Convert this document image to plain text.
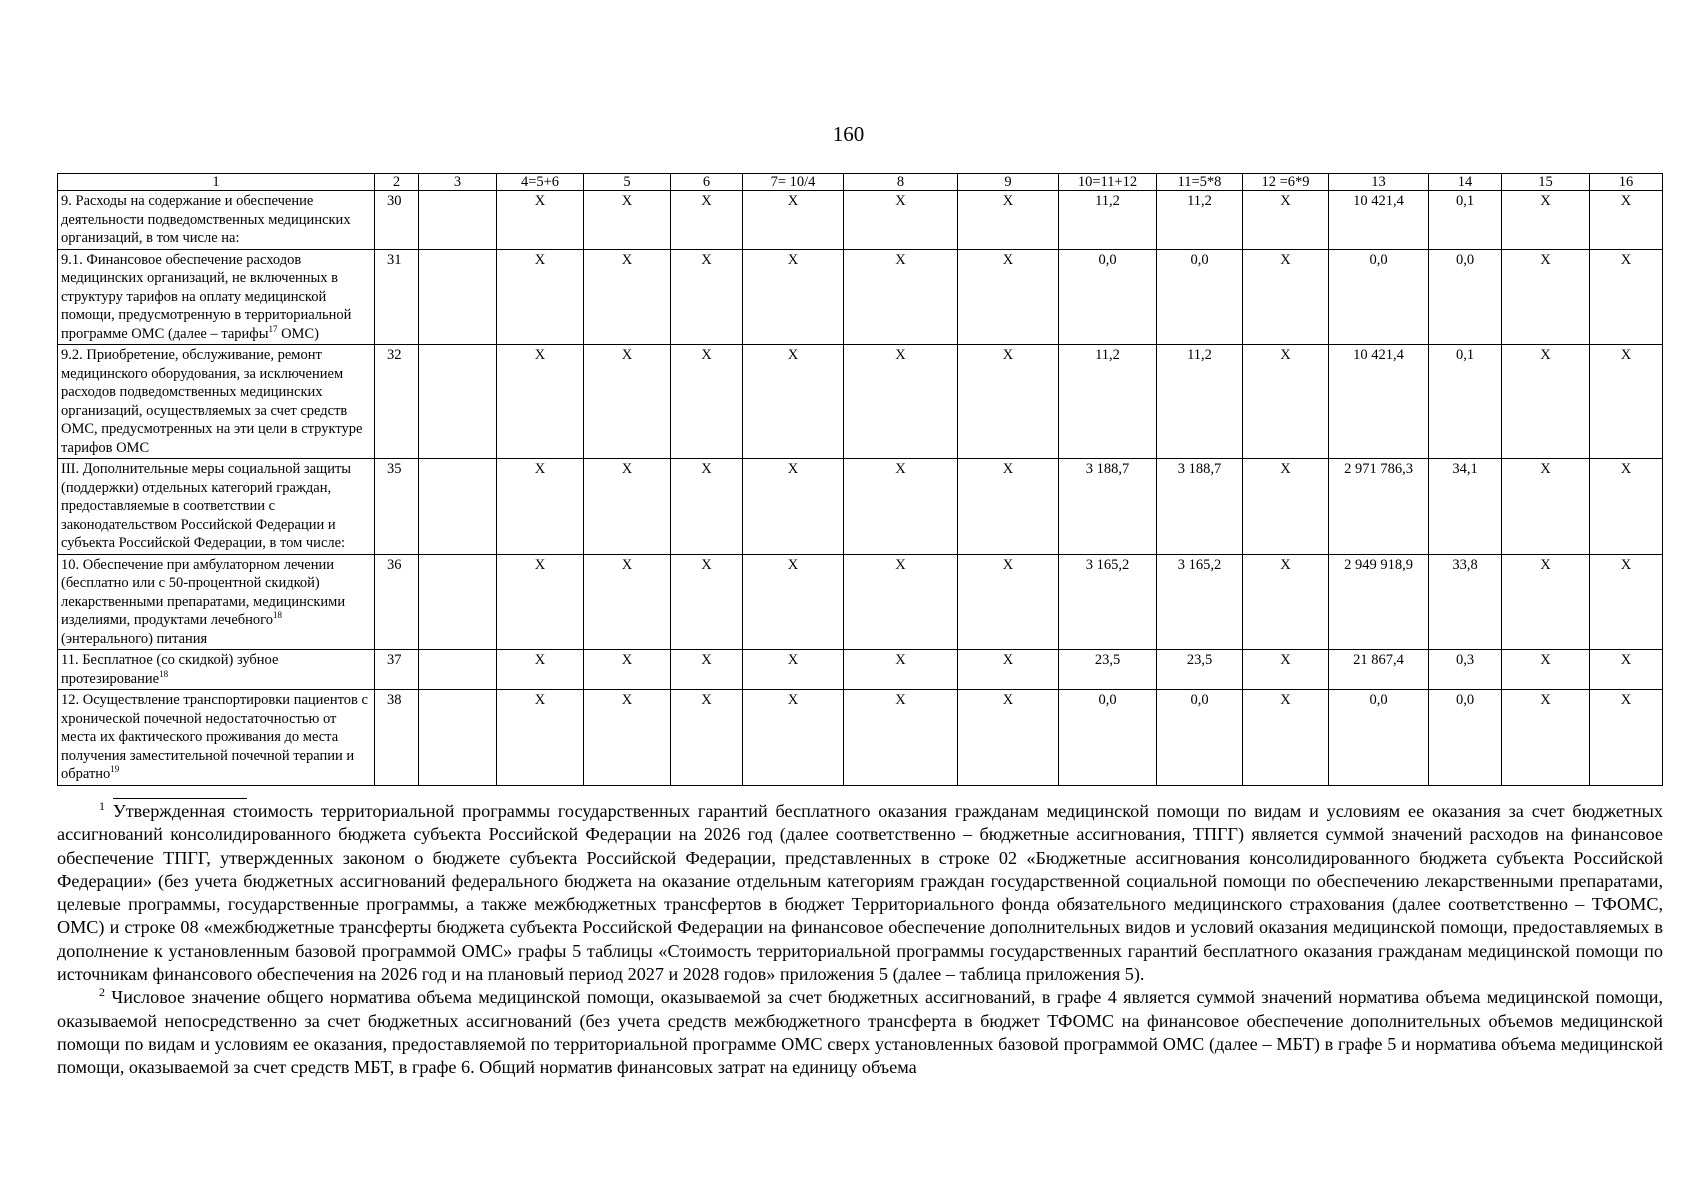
160
1	2	3	4=5+6	5	6	7= 10/4	8	9	10=11+12	11=5*8	12 =6*9	13	14	15	16
9. Расходы на содержание и обеспечение деятельности подведомственных медицинских организаций, в том числе на:	30		Х	Х	Х	Х	Х	Х	11,2	11,2	Х	10 421,4	0,1	Х	Х
9.1. Финансовое обеспечение расходов медицинских организаций, не включенных в структуру тарифов на оплату медицинской помощи, предусмотренную в территориальной программе ОМС (далее – тарифы$^{17}$ ОМС)	31		Х	Х	Х	Х	Х	Х	0,0	0,0	Х	0,0	0,0	Х	Х
9.2. Приобретение, обслуживание, ремонт медицинского оборудования, за исключением расходов подведомственных медицинских организаций, осуществляемых за счет средств ОМС, предусмотренных на эти цели в структуре тарифов ОМС	32		Х	Х	Х	Х	Х	Х	11,2	11,2	Х	10 421,4	0,1	Х	Х
III. Дополнительные меры социальной защиты (поддержки) отдельных категорий граждан, предоставляемые в соответствии с законодательством Российской Федерации и субъекта Российской Федерации, в том числе:	35		Х	Х	Х	Х	Х	Х	3 188,7	3 188,7	Х	2 971 786,3	34,1	Х	Х
10. Обеспечение при амбулаторном лечении (бесплатно или с 50-процентной скидкой) лекарственными препаратами, медицинскими изделиями, продуктами лечебного$^{18}$ (энтерального) питания	36		Х	Х	Х	Х	Х	Х	3 165,2	3 165,2	Х	2 949 918,9	33,8	Х	Х
11. Бесплатное (со скидкой) зубное протезирование$^{18}$	37		Х	Х	Х	Х	Х	Х	23,5	23,5	Х	21 867,4	0,3	Х	Х
12. Осуществление транспортировки пациентов с хронической почечной недостаточностью от места их фактического проживания до места получения заместительной почечной терапии и обратно$^{19}$	38		Х	Х	Х	Х	Х	Х	0,0	0,0	Х	0,0	0,0	Х	Х

$^1$ Утвержденная стоимость территориальной программы государственных гарантий бесплатного оказания гражданам медицинской помощи по видам и условиям ее оказания за счет бюджетных ассигнований консолидированного бюджета субъекта Российской Федерации на 2026 год (далее соответственно – бюджетные ассигнования, ТПГГ) является суммой значений расходов на финансовое обеспечение ТПГГ, утвержденных законом о бюджете субъекта Российской Федерации, представленных в строке 02 «Бюджетные ассигнования консолидированного бюджета субъекта Российской Федерации» (без учета бюджетных ассигнований федерального бюджета на оказание отдельным категориям граждан государственной социальной помощи по обеспечению лекарственными препаратами, целевые программы, государственные программы, а также межбюджетных трансфертов в бюджет Территориального фонда обязательного медицинского страхования (далее соответственно – ТФОМС, ОМС) и строке 08 «межбюджетные трансферты бюджета субъекта Российской Федерации на финансовое обеспечение дополнительных видов и условий оказания медицинской помощи, предоставляемых в дополнение к установленным базовой программой ОМС» графы 5 таблицы «Стоимость территориальной программы государственных гарантий бесплатного оказания гражданам медицинской помощи по источникам финансового обеспечения на 2026 год и на плановый период 2027 и 2028 годов» приложения 5 (далее – таблица приложения 5).

$^2$ Числовое значение общего норматива объема медицинской помощи, оказываемой за счет бюджетных ассигнований, в графе 4 является суммой значений норматива объема медицинской помощи, оказываемой непосредственно за счет бюджетных ассигнований (без учета средств межбюджетного трансферта в бюджет ТФОМС на финансовое обеспечение дополнительных объемов медицинской помощи по видам и условиям ее оказания, предоставляемой по территориальной программе ОМС сверх установленных базовой программой ОМС (далее – МБТ) в графе 5 и норматива объема медицинской помощи, оказываемой за счет средств МБТ, в графе 6. Общий норматив финансовых затрат на единицу объема
